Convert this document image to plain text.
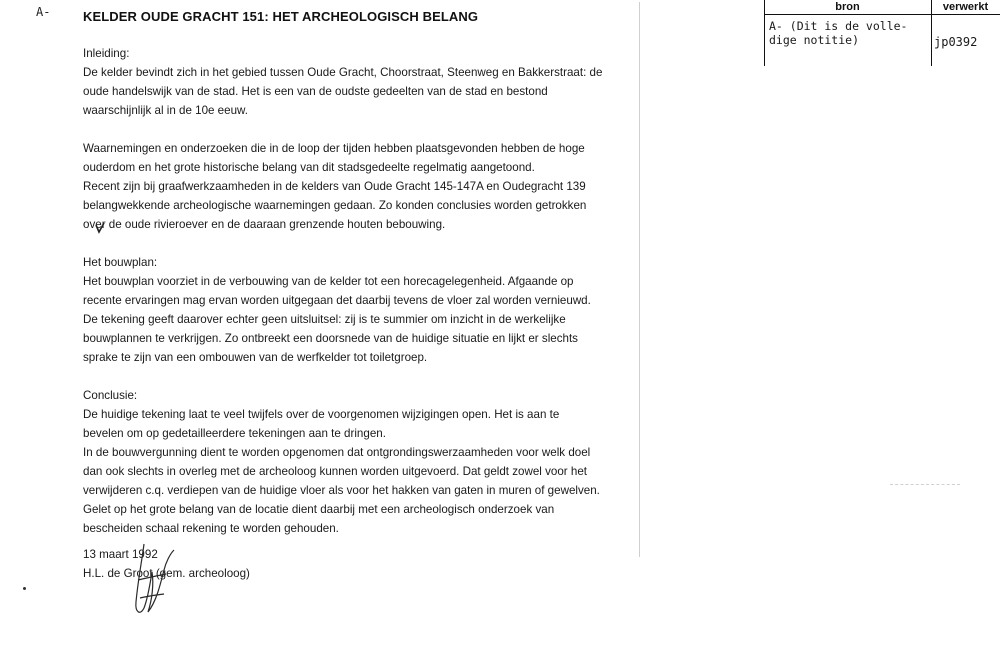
A-	KELDER OUDE GRACHT 151: HET ARCHEOLOGISCH BELANG

Inleiding:

De kelder bevindt zich in het gebied tussen Oude Gracht, Choorstraat, Steenweg en Bakkerstraat: de

oude handelswijk van de stad. Het is een van de oudste gedeelten van de stad en bestond

waarschijnlijk al in de 10e eeuw.

Waarnemingen en onderzoeken die in de loop der tijden hebben plaatsgevonden hebben de hoge

ouderdom en het grote historische belang van dit stadsgedeelte regelmatig aangetoond.

Recent zijn bij graafwerkzaamheden in de kelders van Oude Gracht 145-147A en Oudegracht 139

belangwekkende archeologische waarnemingen gedaan. Zo konden conclusies worden getrokken

over de oude rivieroever en de daaraan grenzende houten bebouwing.

Het bouwplan:

Het bouwplan voorziet in de verbouwing van de kelder tot een horecagelegenheid. Afgaande op

recente ervaringen mag ervan worden uitgegaan det daarbij tevens de vloer zal worden vernieuwd.

De tekening geeft daarover echter geen uitsluitsel: zij is te summier om inzicht in de werkelijke

bouwplannen te verkrijgen. Zo ontbreekt een doorsnede van de huidige situatie en lijkt er slechts

sprake te zijn van een ombouwen van de werfkelder tot toiletgroep.

Conclusie:

De huidige tekening laat te veel twijfels over de voorgenomen wijzigingen open. Het is aan te

bevelen om op gedetailleerdere tekeningen aan te dringen.

In de bouwvergunning dient te worden opgenomen dat ontgrondingswerzaamheden voor welk doel

dan ook slechts in overleg met de archeoloog kunnen worden uitgevoerd. Dat geldt zowel voor het

verwijderen c.q. verdiepen van de huidige vloer als voor het hakken van gaten in muren of gewelven.

Gelet op het grote belang van de locatie dient daarbij met een archeologisch onderzoek van

bescheiden schaal rekening te worden gehouden.

13 maart 1992

H.L. de Groot (gem. archeoloog)

bron	verwerkt
A- (Dit is de volle-
dige notitie)	jp0392
